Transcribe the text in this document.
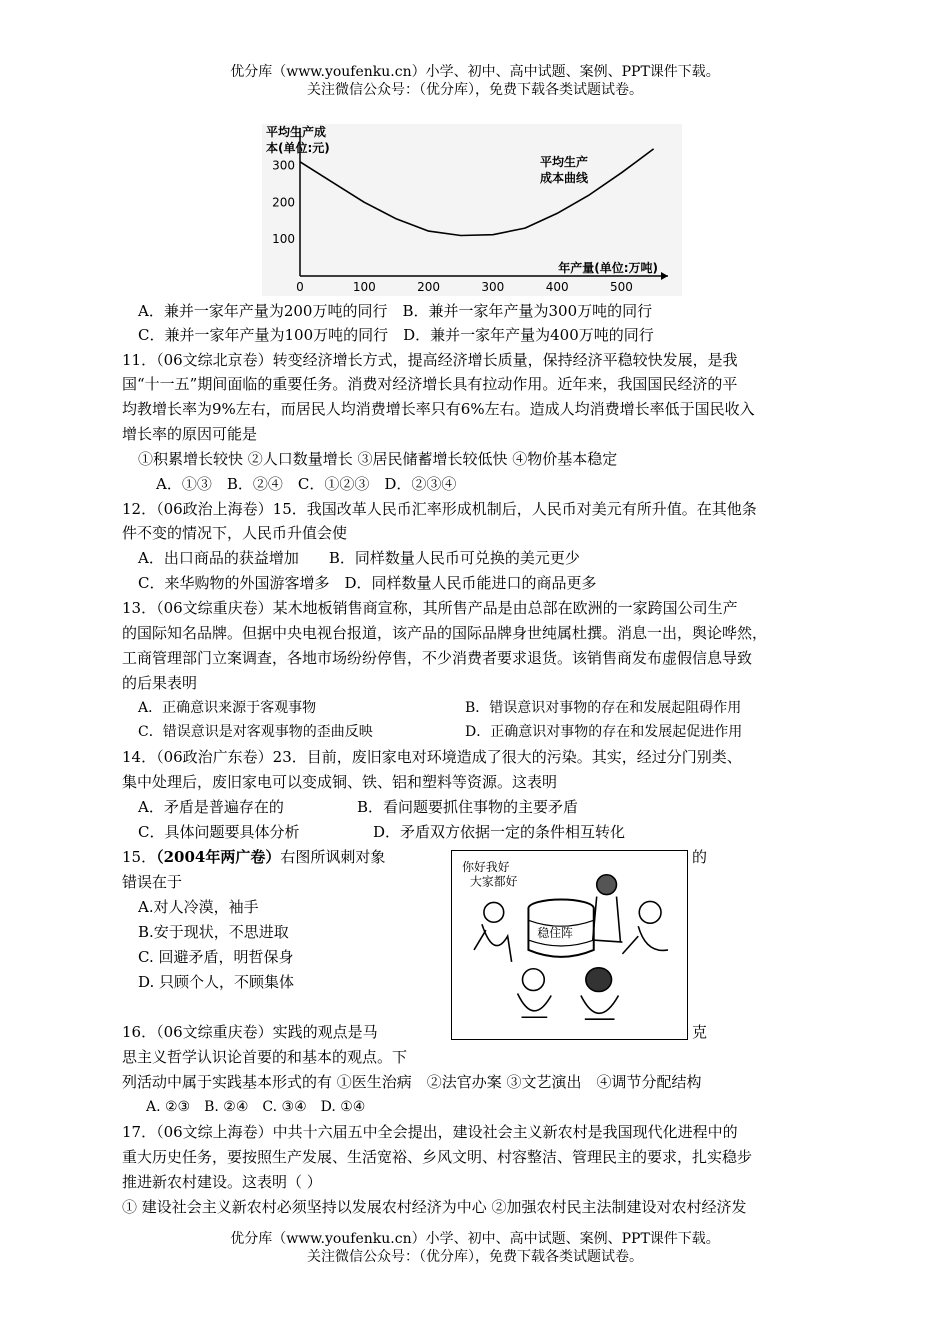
优分库（www.youfenku.cn）小学、初中、高中试题、案例、PPT课件下载。
关注微信公众号：（优分库），免费下载各类试题试卷。
平均生产成
本(单位:元)
100
200
300
0	100	200	300	400	500
年产量(单位:万吨)
平均生产
成本曲线
A．兼并一家年产量为200万吨的同行　B．兼并一家年产量为300万吨的同行
C．兼并一家年产量为100万吨的同行　D．兼并一家年产量为400万吨的同行
11．（06文综北京卷）转变经济增长方式，提高经济增长质量，保持经济平稳较快发展，是我
国“十一五”期间面临的重要任务。消费对经济增长具有拉动作用。近年来，我国国民经济的平
均教增长率为9%左右，而居民人均消费增长率只有6%左右。造成人均消费增长率低于国民收入
增长率的原因可能是
①积累增长较快 ②人口数量增长 ③居民储蓄增长较低快 ④物价基本稳定
A．①③　B．②④　C．①②③　D．②③④
12．（06政治上海卷）15．我国改革人民币汇率形成机制后，人民币对美元有所升值。在其他条
件不变的情况下，人民币升值会使
A．出口商品的获益增加　　B．同样数量人民币可兑换的美元更少
C．来华购物的外国游客增多　D．同样数量人民币能进口的商品更多
13．（06文综重庆卷）某木地板销售商宣称，其所售产品是由总部在欧洲的一家跨国公司生产
的国际知名品牌。但据中央电视台报道，该产品的国际品牌身世纯属杜撰。消息一出，舆论哗然，
工商管理部门立案调查，各地市场纷纷停售，不少消费者要求退货。该销售商发布虚假信息导致
的后果表明
A．正确意识来源于客观事物	B．错误意识对事物的存在和发展起阻碍作用
C．错误意识是对客观事物的歪曲反映	D．正确意识对事物的存在和发展起促进作用
14．（06政治广东卷）23．目前，废旧家电对环境造成了很大的污染。其实，经过分门别类、
集中处理后，废旧家电可以变成铜、铁、铝和塑料等资源。这表明
A．矛盾是普遍存在的	B．看问题要抓住事物的主要矛盾
C．具体问题要具体分析	D．矛盾双方依据一定的条件相互转化
15．（2004年两广卷）右图所讽刺对象	的
错误在于
A.对人冷漠，袖手
B.安于现状，不思进取
C. 回避矛盾，明哲保身
D. 只顾个人，不顾集体
你好我好
大家都好
稳住阵
16．（06文综重庆卷）实践的观点是马	克
思主义哲学认识论首要的和基本的观点。下
列活动中属于实践基本形式的有 ①医生治病　②法官办案 ③文艺演出　④调节分配结构
A. ②③　B. ②④　C. ③④　D. ①④
17．（06文综上海卷）中共十六届五中全会提出，建设社会主义新农村是我国现代化进程中的
重大历史任务，要按照生产发展、生活宽裕、乡风文明、村容整洁、管理民主的要求，扎实稳步
推进新农村建设。这表明（ ）
① 建设社会主义新农村必须坚持以发展农村经济为中心 ②加强农村民主法制建设对农村经济发
优分库（www.youfenku.cn）小学、初中、高中试题、案例、PPT课件下载。
关注微信公众号：（优分库），免费下载各类试题试卷。
